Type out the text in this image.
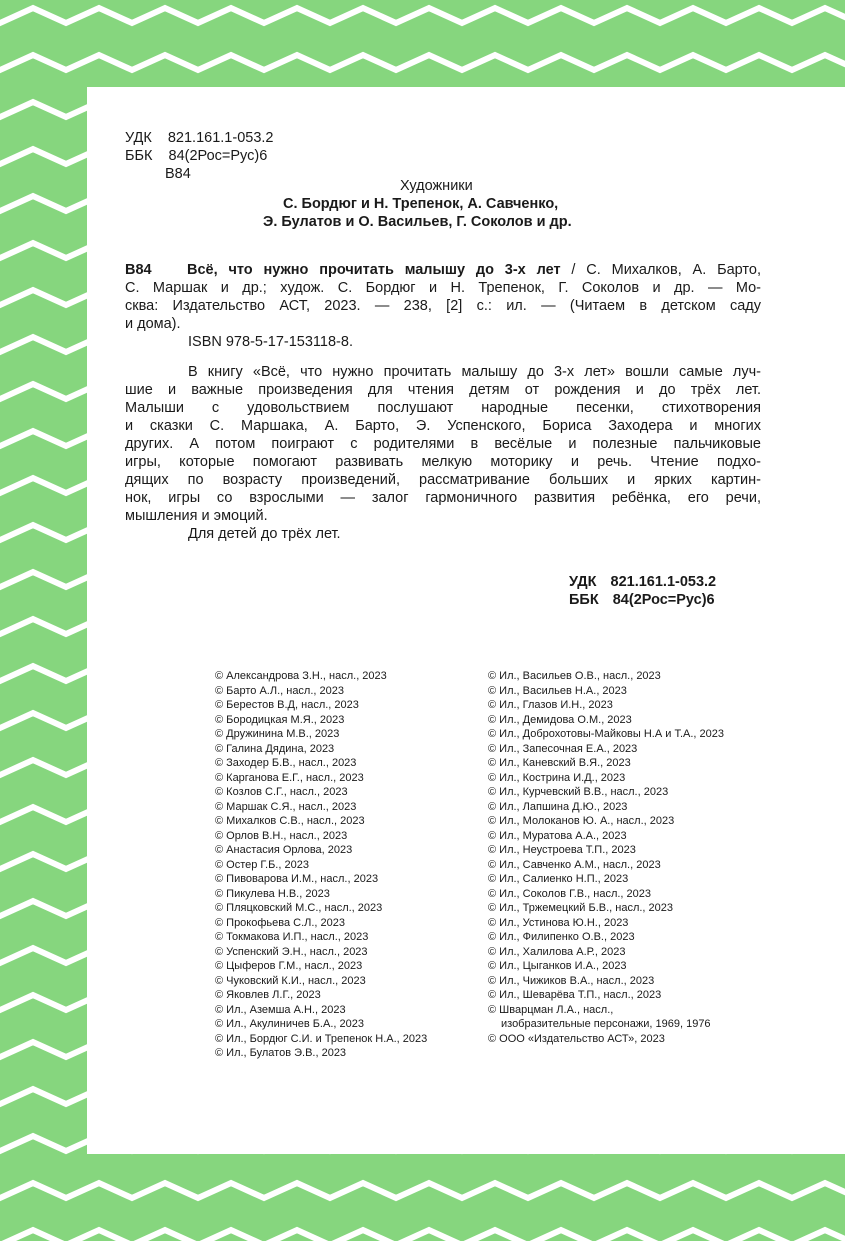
УДК 821.161.1-053.2
ББК 84(2Рос=Рус)6
В84
Художники
С. Бордюг и Н. Трепенок, А. Савченко,
Э. Булатов и О. Васильев, Г. Соколов и др.
В84	Всё, что нужно прочитать малышу до 3-х лет / С. Михалков, А. Барто,

С. Маршак и др.; худож. С. Бордюг и Н. Трепенок, Г. Соколов и др. — Мо-

сква: Издательство АСТ, 2023. — 238, [2] с.: ил. — (Читаем в детском саду

и дома).

ISBN 978-5-17-153118-8.

В книгу «Всё, что нужно прочитать малышу до 3-х лет» вошли самые луч-

шие и важные произведения для чтения детям от рождения и до трёх лет.

Малыши с удовольствием послушают народные песенки, стихотворения

и сказки С. Маршака, А. Барто, Э. Успенского, Бориса Заходера и многих

других. А потом поиграют с родителями в весёлые и полезные пальчиковые

игры, которые помогают развивать мелкую моторику и речь. Чтение подхо-

дящих по возрасту произведений, рассматривание больших и ярких картин-

нок, игры со взрослыми — залог гармоничного развития ребёнка, его речи,

мышления и эмоций.

Для детей до трёх лет.

УДК 821.161.1-053.2
ББК 84(2Рос=Рус)6
© Александрова З.Н., насл., 2023
© Барто А.Л., насл., 2023
© Берестов В.Д, насл., 2023
© Бородицкая М.Я., 2023
© Дружинина М.В., 2023
© Галина Дядина, 2023
© Заходер Б.В., насл., 2023
© Карганова Е.Г., насл., 2023
© Козлов С.Г., насл., 2023
© Маршак С.Я., насл., 2023
© Михалков С.В., насл., 2023
© Орлов В.Н., насл., 2023
© Анастасия Орлова, 2023
© Остер Г.Б., 2023
© Пивоварова И.М., насл., 2023
© Пикулева Н.В., 2023
© Пляцковский М.С., насл., 2023
© Прокофьева С.Л., 2023
© Токмакова И.П., насл., 2023
© Успенский Э.Н., насл., 2023
© Цыферов Г.М., насл., 2023
© Чуковский К.И., насл., 2023
© Яковлев Л.Г., 2023
© Ил., Аземша А.Н., 2023
© Ил., Акулиничев Б.А., 2023
© Ил., Бордюг С.И. и Трепенок Н.А., 2023
© Ил., Булатов Э.В., 2023
© Ил., Васильев О.В., насл., 2023
© Ил., Васильев Н.А., 2023
© Ил., Глазов И.Н., 2023
© Ил., Демидова О.М., 2023
© Ил., Доброхотовы-Майковы Н.А и Т.А., 2023
© Ил., Запесочная Е.А., 2023
© Ил., Каневский В.Я., 2023
© Ил., Кострина И.Д., 2023
© Ил., Курчевский В.В., насл., 2023
© Ил., Лапшина Д.Ю., 2023
© Ил., Молоканов Ю. А., насл., 2023
© Ил., Муратова А.А., 2023
© Ил., Неустроева Т.П., 2023
© Ил., Савченко А.М., насл., 2023
© Ил., Салиенко Н.П., 2023
© Ил., Соколов Г.В., насл., 2023
© Ил., Тржемецкий Б.В., насл., 2023
© Ил., Устинова Ю.Н., 2023
© Ил., Филипенко О.В., 2023
© Ил., Халилова А.Р., 2023
© Ил., Цыганков И.А., 2023
© Ил., Чижиков В.А., насл., 2023
© Ил., Шеварёва Т.П., насл., 2023
© Шварцман Л.А., насл.,
изобразительные персонажи, 1969, 1976
© ООО «Издательство АСТ», 2023
